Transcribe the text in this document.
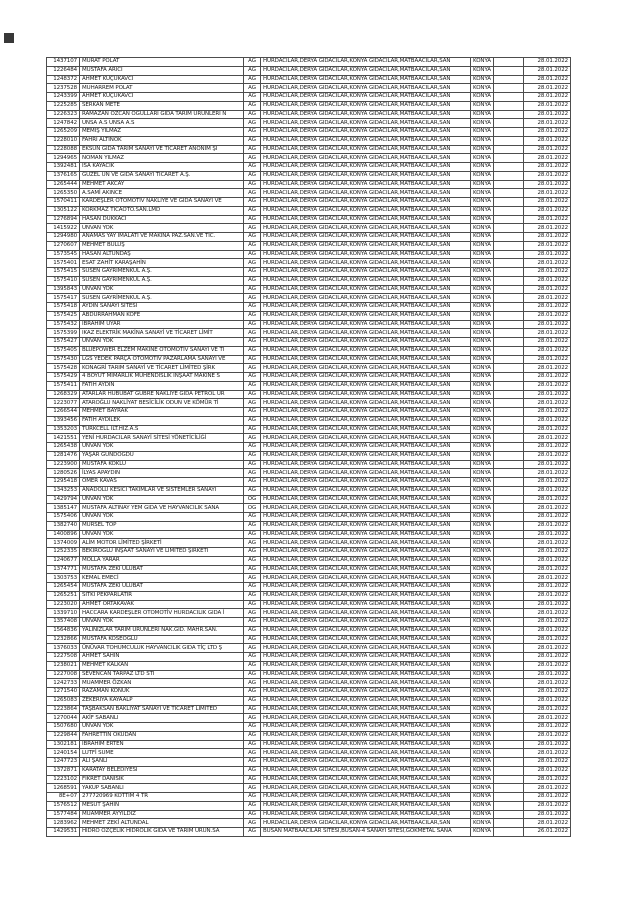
1437107	MURAT POLAT	AG	HURDACILAR,DERYA GIDACILAR,KONYA GIDACILAR,MATBAACILAR,SAN	KONYA		28.01.2022
1226484	MUSTAFA ARICI	AG	HURDACILAR,DERYA GIDACILAR,KONYA GIDACILAR,MATBAACILAR,SAN	KONYA		28.01.2022
1248372	AHMET KÜÇÜKAVCI	AG	HURDACILAR,DERYA GIDACILAR,KONYA GIDACILAR,MATBAACILAR,SAN	KONYA		28.01.2022
1237528	MUHARREM POLAT	AG	HURDACILAR,DERYA GIDACILAR,KONYA GIDACILAR,MATBAACILAR,SAN	KONYA		28.01.2022
1243399	AHMET KÜÇÜKAVCI	AG	HURDACILAR,DERYA GIDACILAR,KONYA GIDACILAR,MATBAACILAR,SAN	KONYA		28.01.2022
1225285	SERKAN METE	AG	HURDACILAR,DERYA GIDACILAR,KONYA GIDACILAR,MATBAACILAR,SAN	KONYA		28.01.2022
1226323	RAMAZAN ÖZCAN OĞULLARI GIDA TARIM ÜRÜNLERİ N	AG	HURDACILAR,DERYA GIDACILAR,KONYA GIDACILAR,MATBAACILAR,SAN	KONYA		28.01.2022
1247842	UNSA A.S UNSA A.S	AG	HURDACILAR,DERYA GIDACILAR,KONYA GIDACILAR,MATBAACILAR,SAN	KONYA		28.01.2022
1265209	MEMİŞ YILMAZ	AG	HURDACILAR,DERYA GIDACILAR,KONYA GIDACILAR,MATBAACILAR,SAN	KONYA		28.01.2022
1228010	FAHRİ ALTINOK	AG	HURDACILAR,DERYA GIDACILAR,KONYA GIDACILAR,MATBAACILAR,SAN	KONYA		28.01.2022
1228088	EKSUN GIDA TARIM SANAYİ VE TİCARET ANONİM Şİ	AG	HURDACILAR,DERYA GIDACILAR,KONYA GIDACILAR,MATBAACILAR,SAN	KONYA		28.01.2022
1294965	NOMAN YILMAZ	AG	HURDACILAR,DERYA GIDACILAR,KONYA GIDACILAR,MATBAACILAR,SAN	KONYA		28.01.2022
1392481	İSA KAYACIK	AG	HURDACILAR,DERYA GIDACILAR,KONYA GIDACILAR,MATBAACILAR,SAN	KONYA		28.01.2022
1376165	GÜZEL UN VE GIDA SANAYİ TİCARET A.Ş.	AG	HURDACILAR,DERYA GIDACILAR,KONYA GIDACILAR,MATBAACILAR,SAN	KONYA		28.01.2022
1265444	MEHMET AKCAY	AG	HURDACILAR,DERYA GIDACILAR,KONYA GIDACILAR,MATBAACILAR,SAN	KONYA		28.01.2022
1265350	A.SAMİ AKINCE	AG	HURDACILAR,DERYA GIDACILAR,KONYA GIDACILAR,MATBAACILAR,SAN	KONYA		28.01.2022
1570411	KARDEŞLER OTOMOTİV NAKLİYE VE GIDA SANAYİ VE	AG	HURDACILAR,DERYA GIDACILAR,KONYA GIDACILAR,MATBAACILAR,SAN	KONYA		28.01.2022
1305122	KORKMAZ TİCAOTO.SAN.LMD	AG	HURDACILAR,DERYA GIDACILAR,KONYA GIDACILAR,MATBAACILAR,SAN	KONYA		28.01.2022
1276894	HASAN DÜKKACI	AG	HURDACILAR,DERYA GIDACILAR,KONYA GIDACILAR,MATBAACILAR,SAN	KONYA		28.01.2022
1415922	UNVAN YOK	AG	HURDACILAR,DERYA GIDACILAR,KONYA GIDACILAR,MATBAACILAR,SAN	KONYA		28.01.2022
1294980	ANAMAS YAY İMALATI VE MAKİNA PAZ.SAN.VE TİC.	AG	HURDACILAR,DERYA GIDACILAR,KONYA GIDACILAR,MATBAACILAR,SAN	KONYA		28.01.2022
1270607	MEHMET BULUŞ	AG	HURDACILAR,DERYA GIDACILAR,KONYA GIDACILAR,MATBAACILAR,SAN	KONYA		28.01.2022
1573545	HASAN ALTUNDAŞ	AG	HURDACILAR,DERYA GIDACILAR,KONYA GIDACILAR,MATBAACILAR,SAN	KONYA		28.01.2022
1575401	ESAT ZAHİT KARAŞAHİN	AG	HURDACILAR,DERYA GIDACILAR,KONYA GIDACILAR,MATBAACILAR,SAN	KONYA		28.01.2022
1575415	SUSEN GAYRİMENKUL A.Ş.	AG	HURDACILAR,DERYA GIDACILAR,KONYA GIDACILAR,MATBAACILAR,SAN	KONYA		28.01.2022
1575410	SUSEN GAYRİMENKUL A.Ş.	AG	HURDACILAR,DERYA GIDACILAR,KONYA GIDACILAR,MATBAACILAR,SAN	KONYA		28.01.2022
1395843	UNVAN YOK	AG	HURDACILAR,DERYA GIDACILAR,KONYA GIDACILAR,MATBAACILAR,SAN	KONYA		28.01.2022
1575417	SUSEN GAYRİMENKUL A.Ş.	AG	HURDACILAR,DERYA GIDACILAR,KONYA GIDACILAR,MATBAACILAR,SAN	KONYA		28.01.2022
1575418	AYDIN SANAYİ SİTESİ	AG	HURDACILAR,DERYA GIDACILAR,KONYA GIDACILAR,MATBAACILAR,SAN	KONYA		28.01.2022
1575425	ABDURRAHMAN KÖFE	AG	HURDACILAR,DERYA GIDACILAR,KONYA GIDACILAR,MATBAACILAR,SAN	KONYA		28.01.2022
1575432	İBRAHİM UYAR	AG	HURDACILAR,DERYA GIDACILAR,KONYA GIDACILAR,MATBAACILAR,SAN	KONYA		28.01.2022
1575399	IKAZ ELEKTRİK MAKİNA SANAYİ VE TİCARET LİMİT	AG	HURDACILAR,DERYA GIDACILAR,KONYA GIDACILAR,MATBAACILAR,SAN	KONYA		28.01.2022
1575427	UNVAN YOK	AG	HURDACILAR,DERYA GIDACILAR,KONYA GIDACILAR,MATBAACILAR,SAN	KONYA		28.01.2022
1575405	BLUEPOWER ELZEM MAKİNE OTOMOTİV SANAYİ VE Tİ	AG	HURDACILAR,DERYA GIDACILAR,KONYA GIDACILAR,MATBAACILAR,SAN	KONYA		28.01.2022
1575430	LGS YEDEK PARÇA OTOMOTİV PAZARLAMA SANAYİ VE	AG	HURDACILAR,DERYA GIDACILAR,KONYA GIDACILAR,MATBAACILAR,SAN	KONYA		28.01.2022
1575428	KONAGRİ TARIM SANAYİ VE TİCARET LİMİTED ŞİRK	AG	HURDACILAR,DERYA GIDACILAR,KONYA GIDACILAR,MATBAACILAR,SAN	KONYA		28.01.2022
1575429	4 BOYUT MİMARLIK MÜHENDİSLİK İNŞAAT MAKİNE S	AG	HURDACILAR,DERYA GIDACILAR,KONYA GIDACILAR,MATBAACILAR,SAN	KONYA		28.01.2022
1575411	FATİH AYDIN	AG	HURDACILAR,DERYA GIDACILAR,KONYA GIDACILAR,MATBAACILAR,SAN	KONYA		28.01.2022
1268329	ATARLAR HUBUBAT GÜBRE NAKLİYE GIDA PETROL ÜR	AG	HURDACILAR,DERYA GIDACILAR,KONYA GIDACILAR,MATBAACILAR,SAN	KONYA		28.01.2022
1223077	ATAROĞLU NAKLİYAT BESİCİLİK ODUN VE KÖMÜR Tİ	AG	HURDACILAR,DERYA GIDACILAR,KONYA GIDACILAR,MATBAACILAR,SAN	KONYA		28.01.2022
1266544	MEHMET BAYRAK	AG	HURDACILAR,DERYA GIDACILAR,KONYA GIDACILAR,MATBAACILAR,SAN	KONYA		28.01.2022
1393456	FATİH AYDİLEK	AG	HURDACILAR,DERYA GIDACILAR,KONYA GIDACILAR,MATBAACILAR,SAN	KONYA		28.01.2022
1353203	TURKCELL ILT.HIZ.A.S	AG	HURDACILAR,DERYA GIDACILAR,KONYA GIDACILAR,MATBAACILAR,SAN	KONYA		28.01.2022
1421551	YENİ HURDACILAR SANAYİ SİTESİ YÖNETİCİLİĞİ	AG	HURDACILAR,DERYA GIDACILAR,KONYA GIDACILAR,MATBAACILAR,SAN	KONYA		28.01.2022
1265438	UNVAN YOK	AG	HURDACILAR,DERYA GIDACILAR,KONYA GIDACILAR,MATBAACILAR,SAN	KONYA		28.01.2022
1281476	YAŞAR GÜNDOĞDU	AG	HURDACILAR,DERYA GIDACILAR,KONYA GIDACILAR,MATBAACILAR,SAN	KONYA		28.01.2022
1223900	MUSTAFA KÖKLÜ	AG	HURDACILAR,DERYA GIDACILAR,KONYA GIDACILAR,MATBAACILAR,SAN	KONYA		28.01.2022
1280526	İLYAS APAYDIN	AG	HURDACILAR,DERYA GIDACILAR,KONYA GIDACILAR,MATBAACILAR,SAN	KONYA		28.01.2022
1295418	ÖMER KAVAS	AG	HURDACILAR,DERYA GIDACILAR,KONYA GIDACILAR,MATBAACILAR,SAN	KONYA		28.01.2022
1343253	ANADOLU KESİCİ TAKIMLAR VE SİSTEMLER SANAYİ	AG	HURDACILAR,DERYA GIDACILAR,KONYA GIDACILAR,MATBAACILAR,SAN	KONYA		28.01.2022
1429794	UNVAN YOK	OG	HURDACILAR,DERYA GIDACILAR,KONYA GIDACILAR,MATBAACILAR,SAN	KONYA		28.01.2022
1385147	MUSTAFA ALTINAY YEM GIDA VE HAYVANCILIK SANA	OG	HURDACILAR,DERYA GIDACILAR,KONYA GIDACILAR,MATBAACILAR,SAN	KONYA		28.01.2022
1575406	UNVAN YOK	AG	HURDACILAR,DERYA GIDACILAR,KONYA GIDACILAR,MATBAACILAR,SAN	KONYA		28.01.2022
1382740	MÜRSEL TOP	AG	HURDACILAR,DERYA GIDACILAR,KONYA GIDACILAR,MATBAACILAR,SAN	KONYA		28.01.2022
1400896	UNVAN YOK	AG	HURDACILAR,DERYA GIDACILAR,KONYA GIDACILAR,MATBAACILAR,SAN	KONYA		28.01.2022
1374009	ALİM MOTOR LİMİTED ŞİRKETİ	AG	HURDACILAR,DERYA GIDACILAR,KONYA GIDACILAR,MATBAACILAR,SAN	KONYA		28.01.2022
1252335	BEKİROĞLU İNŞAAT SANAYİ VE LİMİTED ŞİRKETİ	AG	HURDACILAR,DERYA GIDACILAR,KONYA GIDACILAR,MATBAACILAR,SAN	KONYA		28.01.2022
1240677	MOLLA YARAR	AG	HURDACILAR,DERYA GIDACILAR,KONYA GIDACILAR,MATBAACILAR,SAN	KONYA		28.01.2022
1374771	MUSTAFA ZEKİ ULUBAT	AG	HURDACILAR,DERYA GIDACILAR,KONYA GIDACILAR,MATBAACILAR,SAN	KONYA		28.01.2022
1303753	KEMAL EMECİ	AG	HURDACILAR,DERYA GIDACILAR,KONYA GIDACILAR,MATBAACILAR,SAN	KONYA		28.01.2022
1265454	MUSTAFA ZEKİ ULUBAT	AG	HURDACILAR,DERYA GIDACILAR,KONYA GIDACILAR,MATBAACILAR,SAN	KONYA		28.01.2022
1265251	SITKI PEKPARLATIR	AG	HURDACILAR,DERYA GIDACILAR,KONYA GIDACILAR,MATBAACILAR,SAN	KONYA		28.01.2022
1223020	AHMET ORTAKAVAK	AG	HURDACILAR,DERYA GIDACILAR,KONYA GIDACILAR,MATBAACILAR,SAN	KONYA		28.01.2022
1339710	HACCARA KARDEŞLER OTOMOTİV HURDACILIK GIDA İ	AG	HURDACILAR,DERYA GIDACILAR,KONYA GIDACILAR,MATBAACILAR,SAN	KONYA		28.01.2022
1357408	UNVAN YOK	AG	HURDACILAR,DERYA GIDACILAR,KONYA GIDACILAR,MATBAACILAR,SAN	KONYA		28.01.2022
1564836	YALINIZLAR TARIM ÜRÜNLERİ NAK.GID. MAHR.SAN.	AG	HURDACILAR,DERYA GIDACILAR,KONYA GIDACILAR,MATBAACILAR,SAN	KONYA		28.01.2022
1232866	MUSTAFA KÖSEOĞLU	AG	HURDACILAR,DERYA GIDACILAR,KONYA GIDACILAR,MATBAACILAR,SAN	KONYA		28.01.2022
1376033	ÜNÜVAR TOHUMCULUK HAYVANCILIK GIDA TİÇ LTD Ş	AG	HURDACILAR,DERYA GIDACILAR,KONYA GIDACILAR,MATBAACILAR,SAN	KONYA		28.01.2022
1227508	AHMET SAHİN	AG	HURDACILAR,DERYA GIDACILAR,KONYA GIDACILAR,MATBAACILAR,SAN	KONYA		28.01.2022
1238021	MEHMET KALKAN	AG	HURDACILAR,DERYA GIDACILAR,KONYA GIDACILAR,MATBAACILAR,SAN	KONYA		28.01.2022
1227008	SEVENCAN TARPAZ LTD STİ	AG	HURDACILAR,DERYA GIDACILAR,KONYA GIDACILAR,MATBAACILAR,SAN	KONYA		28.01.2022
1242733	MUAMMER ÖZKAN	AG	HURDACILAR,DERYA GIDACILAR,KONYA GIDACILAR,MATBAACILAR,SAN	KONYA		28.01.2022
1271540	RAZAMAN KONUK	AG	HURDACILAR,DERYA GIDACILAR,KONYA GIDACILAR,MATBAACILAR,SAN	KONYA		28.01.2022
1265083	ZEKERİYA KAYAALP	AG	HURDACILAR,DERYA GIDACILAR,KONYA GIDACILAR,MATBAACILAR,SAN	KONYA		28.01.2022
1223864	TAŞBAKSAN BAKLİYAT SANAYİ VE TİCARET LİMİTED	AG	HURDACILAR,DERYA GIDACILAR,KONYA GIDACILAR,MATBAACILAR,SAN	KONYA		28.01.2022
1270044	AKİF SABANLI	AG	HURDACILAR,DERYA GIDACILAR,KONYA GIDACILAR,MATBAACILAR,SAN	KONYA		28.01.2022
1507680	UNVAN YOK	AG	HURDACILAR,DERYA GIDACILAR,KONYA GIDACILAR,MATBAACILAR,SAN	KONYA		28.01.2022
1229844	FAHRETTİN OKUDAN	AG	HURDACILAR,DERYA GIDACILAR,KONYA GIDACILAR,MATBAACILAR,SAN	KONYA		28.01.2022
1302181	İBRAHİM ERTEN	AG	HURDACILAR,DERYA GIDACILAR,KONYA GIDACILAR,MATBAACILAR,SAN	KONYA		28.01.2022
1240154	LUTFİ SUME	AG	HURDACILAR,DERYA GIDACILAR,KONYA GIDACILAR,MATBAACILAR,SAN	KONYA		28.01.2022
1247723	ALİ ŞANLI	AG	HURDACILAR,DERYA GIDACILAR,KONYA GIDACILAR,MATBAACILAR,SAN	KONYA		28.01.2022
1372871	KARATAY BELEDİYESİ	AG	HURDACILAR,DERYA GIDACILAR,KONYA GIDACILAR,MATBAACILAR,SAN	KONYA		28.01.2022
1223102	FİKRET DANISIK	AG	HURDACILAR,DERYA GIDACILAR,KONYA GIDACILAR,MATBAACILAR,SAN	KONYA		28.01.2022
1268591	YAKUP SABANLI	AG	HURDACILAR,DERYA GIDACILAR,KONYA GIDACILAR,MATBAACILAR,SAN	KONYA		28.01.2022
8E+07	277720969 KOTTIM 4 TR	AG	HURDACILAR,DERYA GIDACILAR,KONYA GIDACILAR,MATBAACILAR,SAN	KONYA		28.01.2022
1576512	MESUT ŞAHİN	AG	HURDACILAR,DERYA GIDACILAR,KONYA GIDACILAR,MATBAACILAR,SAN	KONYA		28.01.2022
1577484	MUAMMER AYYILDIZ	AG	HURDACILAR,DERYA GIDACILAR,KONYA GIDACILAR,MATBAACILAR,SAN	KONYA		28.01.2022
1283962	MEHMET ZEKİ ALTUNDAL	AG	HURDACILAR,DERYA GIDACILAR,KONYA GIDACILAR,MATBAACILAR,SAN	KONYA		28.01.2022
1429531	HİDRO ÖZÇELİK HİDROLİK GIDA VE TARIM ÜRÜN.SA	AG	BÜSAN MATBAACILAR SİTESİ,BÜSAN-4 SANAYİ SİTESİ,GÖKMETAL SANA	KONYA		26.01.2022
